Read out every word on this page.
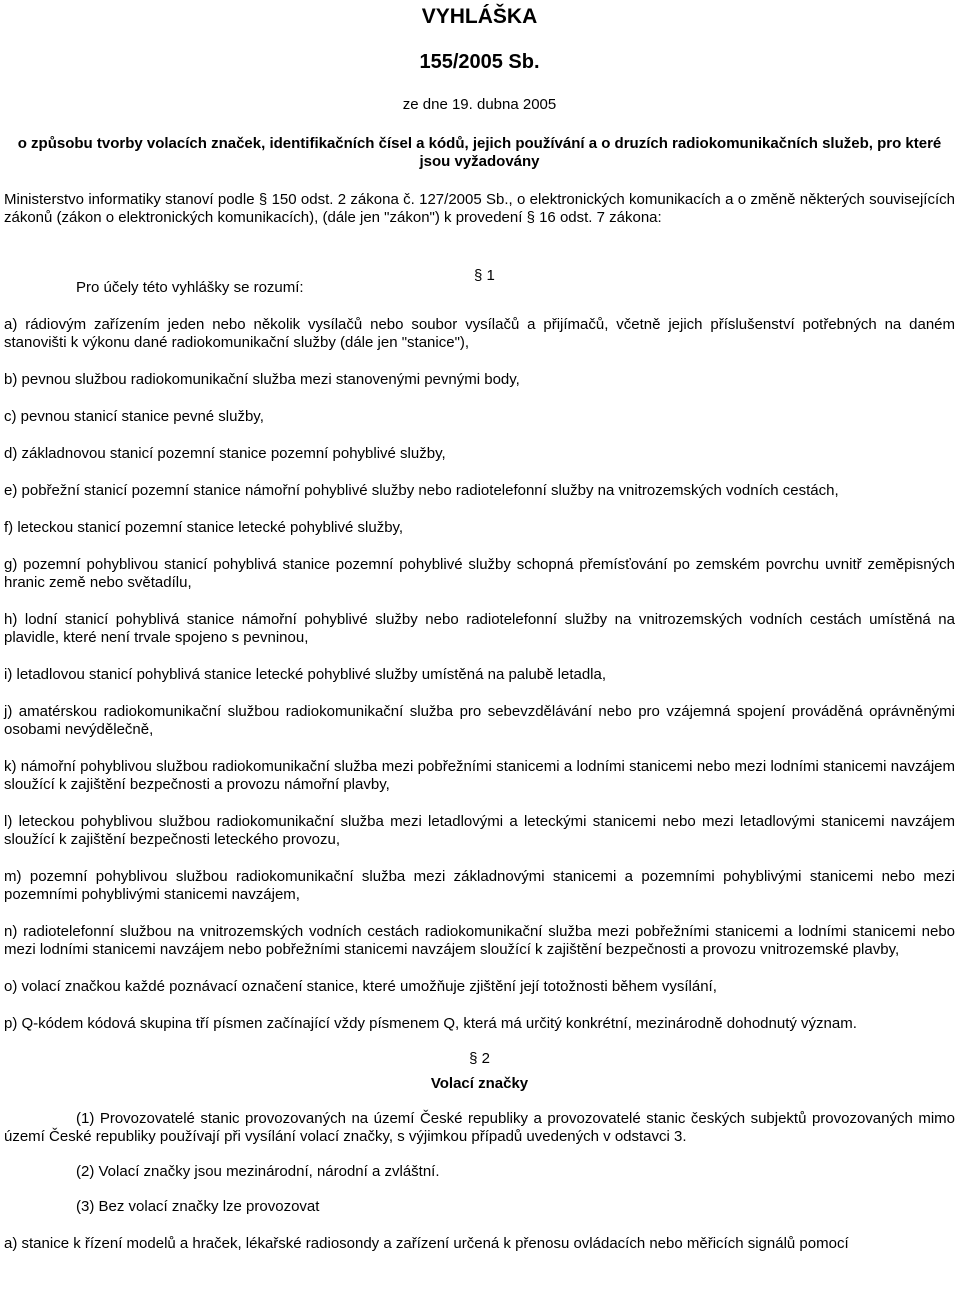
VYHLÁŠKA
155/2005 Sb.
ze dne 19. dubna 2005
o způsobu tvorby volacích značek, identifikačních čísel a kódů, jejich používání a o druzích radiokomunikačních služeb, pro které jsou vyžadovány

Ministerstvo informatiky stanoví podle § 150 odst. 2 zákona č. 127/2005 Sb., o elektronických komunikacích a o změně některých souvisejících zákonů (zákon o elektronických komunikacích), (dále jen "zákon") k provedení § 16 odst. 7 zákona:

§ 1

Pro účely této vyhlášky se rozumí:

a) rádiovým zařízením jeden nebo několik vysílačů nebo soubor vysílačů a přijímačů, včetně jejich příslušenství potřebných na daném stanovišti k výkonu dané radiokomunikační služby (dále jen "stanice"),

b) pevnou službou radiokomunikační služba mezi stanovenými pevnými body,

c) pevnou stanicí stanice pevné služby,

d) základnovou stanicí pozemní stanice pozemní pohyblivé služby,

e) pobřežní stanicí pozemní stanice námořní pohyblivé služby nebo radiotelefonní služby na vnitrozemských vodních cestách,

f) leteckou stanicí pozemní stanice letecké pohyblivé služby,

g) pozemní pohyblivou stanicí pohyblivá stanice pozemní pohyblivé služby schopná přemísťování po zemském povrchu uvnitř zeměpisných hranic země nebo světadílu,

h) lodní stanicí pohyblivá stanice námořní pohyblivé služby nebo radiotelefonní služby na vnitrozemských vodních cestách umístěná na plavidle, které není trvale spojeno s pevninou,

i) letadlovou stanicí pohyblivá stanice letecké pohyblivé služby umístěná na palubě letadla,

j) amatérskou radiokomunikační službou radiokomunikační služba pro sebevzdělávání nebo pro vzájemná spojení prováděná oprávněnými osobami nevýdělečně,

k) námořní pohyblivou službou radiokomunikační služba mezi pobřežními stanicemi a lodními stanicemi nebo mezi lodními stanicemi navzájem sloužící k zajištění bezpečnosti a provozu námořní plavby,

l) leteckou pohyblivou službou radiokomunikační služba mezi letadlovými a leteckými stanicemi nebo mezi letadlovými stanicemi navzájem sloužící k zajištění bezpečnosti leteckého provozu,

m) pozemní pohyblivou službou radiokomunikační služba mezi základnovými stanicemi a pozemními pohyblivými stanicemi nebo mezi pozemními pohyblivými stanicemi navzájem,

n) radiotelefonní službou na vnitrozemských vodních cestách radiokomunikační služba mezi pobřežními stanicemi a lodními stanicemi nebo mezi lodními stanicemi navzájem nebo pobřežními stanicemi navzájem sloužící k zajištění bezpečnosti a provozu vnitrozemské plavby,

o) volací značkou každé poznávací označení stanice, které umožňuje zjištění její totožnosti během vysílání,

p) Q-kódem kódová skupina tří písmen začínající vždy písmenem Q, která má určitý konkrétní, mezinárodně dohodnutý význam.

§ 2
Volací značky

(1) Provozovatelé stanic provozovaných na území České republiky a provozovatelé stanic českých subjektů provozovaných mimo území České republiky používají při vysílání volací značky, s výjimkou případů uvedených v odstavci 3.

(2) Volací značky jsou mezinárodní, národní a zvláštní.

(3) Bez volací značky lze provozovat

a) stanice k řízení modelů a hraček, lékařské radiosondy a zařízení určená k přenosu ovládacích nebo měřicích signálů pomocí
